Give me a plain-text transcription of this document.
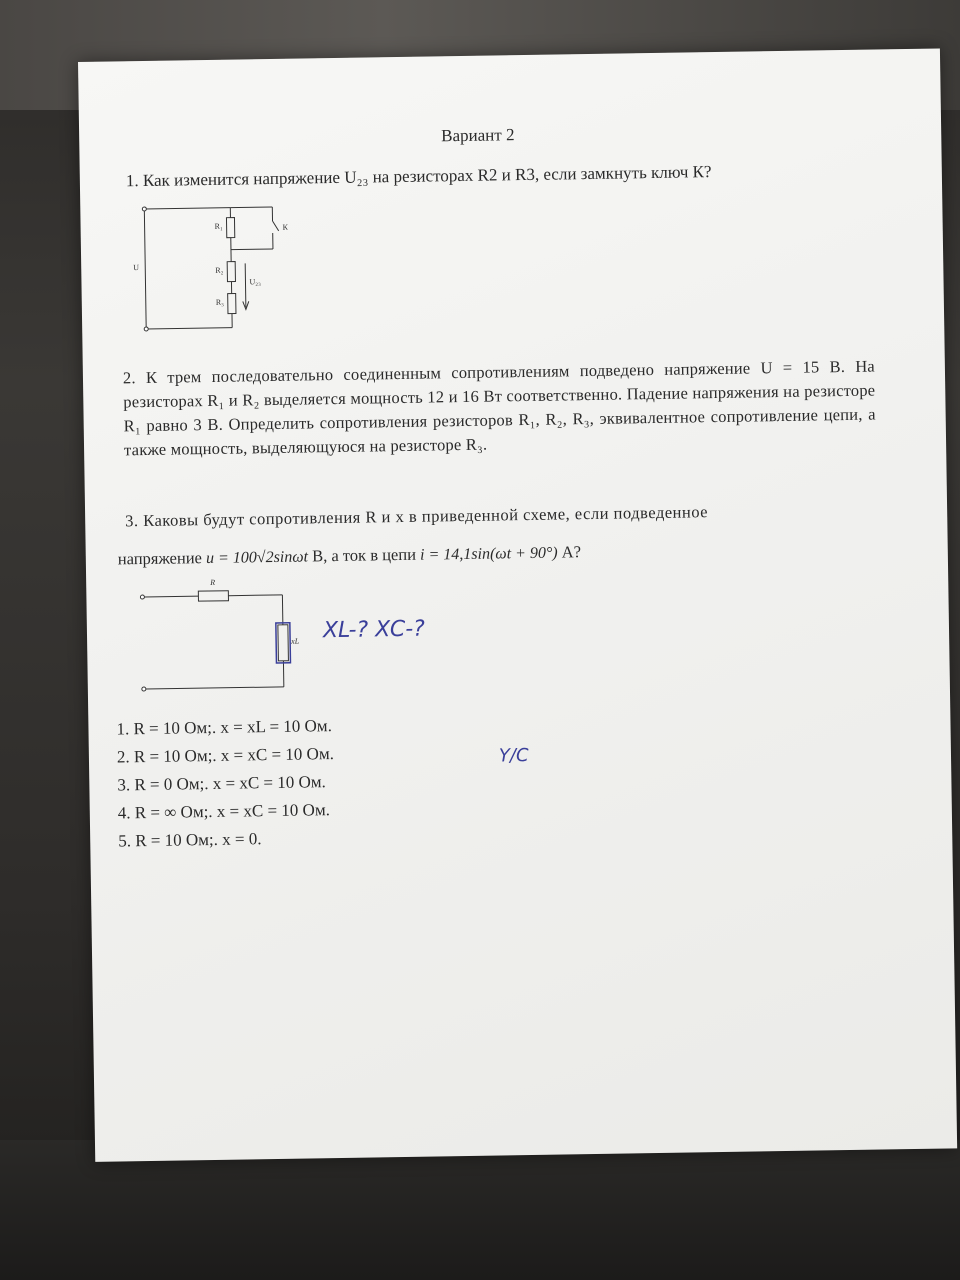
Вариант 2
1. Как изменится напряжение U₂₃ на резисторах R2 и R3, если замкнуть ключ К?
R₁
R₂
R₃
К
U
U₂₃
2. К трем последовательно соединенным сопротивлениям подведено напряжение U = 15 В. На резисторах R₁ и R₂ выделяется мощность 12 и 16 Вт соответственно. Падение напряжения на резисторе R₁ равно 3 В. Определить сопротивления резисторов R₁, R₂, R₃, эквивалентное сопротивление цепи, а также мощность, выделяющуюся на резисторе R₃.
3. Каковы будут сопротивления R и x в приведенной схеме, если подведенное
напряжение u = 100√2sinωt В, а ток в цепи i = 14,1sin(ωt + 90°) А?
R
xL XL-? XC-?
1. R = 10 Ом;. x = xL = 10 Ом.
2. R = 10 Ом;. x = xC = 10 Ом.
3. R = 0 Ом;. x = xC = 10 Ом.
4. R = ∞ Ом;. x = xC = 10 Ом.
5. R = 10 Ом;. x = 0.
Y/C
